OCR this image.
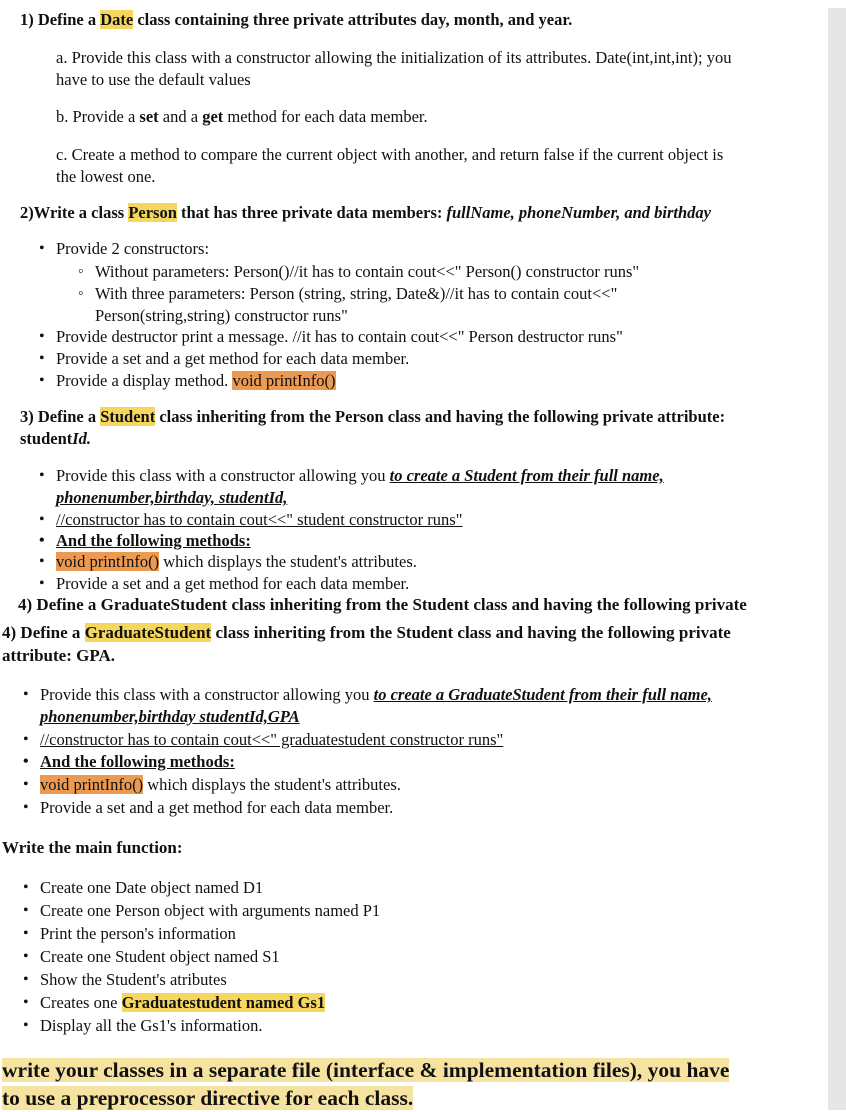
1) Define a Date class containing three private attributes day, month, and year.

a. Provide this class with a constructor allowing the initialization of its attributes. Date(int,int,int); you

have to use the default values

b. Provide a set and a get method for each data member.

c. Create a method to compare the current object with another, and return false if the current object is

the lowest one.

2)Write a class Person that has three private data members: fullName, phoneNumber, and birthday

• Provide 2 constructors:

◦ Without parameters: Person()//it has to contain cout<<" Person() constructor runs"

◦ With three parameters: Person (string, string, Date&)//it has to contain cout<<"

Person(string,string) constructor runs"

• Provide destructor print a message. //it has to contain cout<<" Person destructor runs"

• Provide a set and a get method for each data member.

• Provide a display method. void printInfo()

3) Define a Student class inheriting from the Person class and having the following private attribute:

studentId.

• Provide this class with a constructor allowing you to create a Student from their full name,

phonenumber,birthday, studentId,

• //constructor has to contain cout<<" student constructor runs"

• And the following methods:

• void printInfo() which displays the student's attributes.

• Provide a set and a get method for each data member.

4) Define a GraduateStudent class inheriting from the Student class and having the following private

4) Define a GraduateStudent class inheriting from the Student class and having the following private

attribute: GPA.

• Provide this class with a constructor allowing you to create a GraduateStudent from their full name,

phonenumber,birthday studentId,GPA

• //constructor has to contain cout<<" graduatestudent constructor runs"

• And the following methods:

• void printInfo() which displays the student's attributes.

• Provide a set and a get method for each data member.

Write the main function:

• Create one Date object named D1

• Create one Person object with arguments named P1

• Print the person's information

• Create one Student object named S1

• Show the Student's atributes

• Creates one Graduatestudent named Gs1

• Display all the Gs1's information.

write your classes in a separate file (interface & implementation files), you have

to use a preprocessor directive for each class.
